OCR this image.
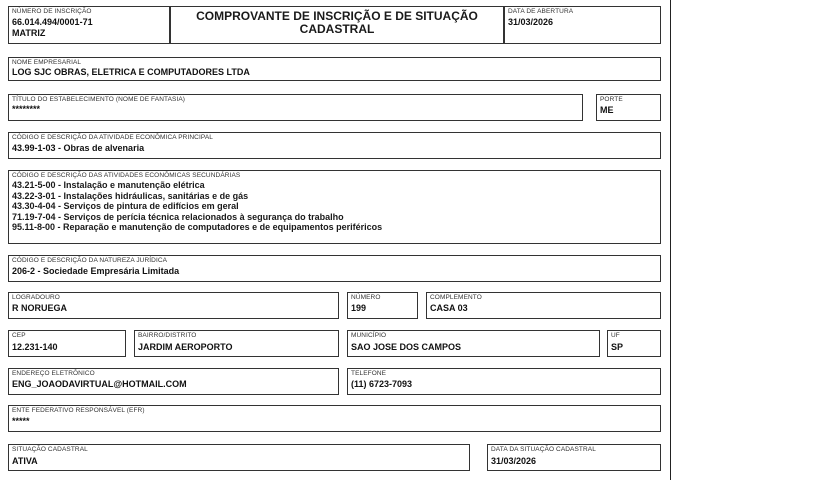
NÚMERO DE INSCRIÇÃO
66.014.494/0001-71
MATRIZ
COMPROVANTE DE INSCRIÇÃO E DE SITUAÇÃO
CADASTRAL
DATA DE ABERTURA
31/03/2026
NOME EMPRESARIAL
LOG SJC OBRAS, ELETRICA E COMPUTADORES LTDA
TÍTULO DO ESTABELECIMENTO (NOME DE FANTASIA)
********
PORTE
ME
CÓDIGO E DESCRIÇÃO DA ATIVIDADE ECONÔMICA PRINCIPAL
43.99-1-03 - Obras de alvenaria
CÓDIGO E DESCRIÇÃO DAS ATIVIDADES ECONÔMICAS SECUNDÁRIAS
43.21-5-00 - Instalação e manutenção elétrica
43.22-3-01 - Instalações hidráulicas, sanitárias e de gás
43.30-4-04 - Serviços de pintura de edifícios em geral
71.19-7-04 - Serviços de perícia técnica relacionados à segurança do trabalho
95.11-8-00 - Reparação e manutenção de computadores e de equipamentos periféricos
CÓDIGO E DESCRIÇÃO DA NATUREZA JURÍDICA
206-2 - Sociedade Empresária Limitada
LOGRADOURO
R NORUEGA
NÚMERO
199
COMPLEMENTO
CASA 03
CEP
12.231-140
BAIRRO/DISTRITO
JARDIM AEROPORTO
MUNICÍPIO
SAO JOSE DOS CAMPOS
UF
SP
ENDEREÇO ELETRÔNICO
ENG_JOAODAVIRTUAL@HOTMAIL.COM
TELEFONE
(11) 6723-7093
ENTE FEDERATIVO RESPONSÁVEL (EFR)
*****
SITUAÇÃO CADASTRAL
ATIVA
DATA DA SITUAÇÃO CADASTRAL
31/03/2026
